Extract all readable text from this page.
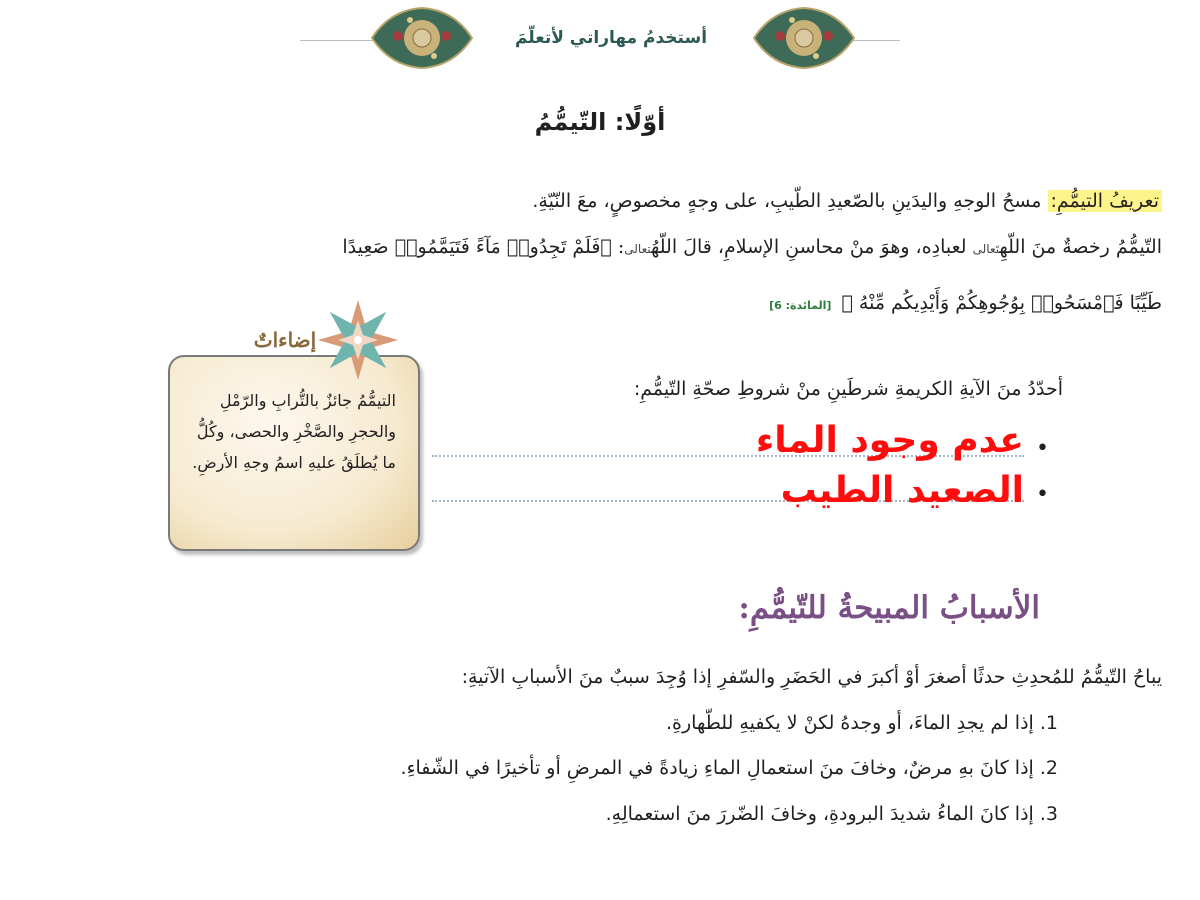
أستخدمُ مهاراتي لأتعلّمَ
أوّلًا: التّيمُّمُ
تعريفُ التيمُّمِ: مسحُ الوجهِ واليدَينِ بالصّعيدِ الطّيبِ، على وجهٍ مخصوصٍ، معَ النّيّةِ.
التّيمُّمُ رخصةٌ منَ اللّهِتَعالى لعبادِه، وهوَ منْ محاسنِ الإسلامِ، قالَ اللّهُتعالى: ﴿فَلَمْ تَجِدُوا۟ مَآءً فَتَيَمَّمُوا۟ صَعِيدًا
طَيِّبًا فَٱمْسَحُوا۟ بِوُجُوهِكُمْ وَأَيْدِيكُم مِّنْهُ ﴾[المائدة: 6]
التيمُّمُ جائزٌ بالتُّرابِ والرّمْلِ والحجرِ والصَّخْرِ والحصى، وكُلُّ ما يُطلَقُ عليهِ اسمُ وجهِ الأرضِ.
إضاءاتٌ
أحدّدُ منَ الآيةِ الكريمةِ شرطَينِ منْ شروطِ صحّةِ التّيمُّمِ:
•
عدم وجود الماء
•
الصعيد الطيب
الأسبابُ المبيحةُ للتّيمُّمِ:
يباحُ التّيمُّمُ للمُحدِثِ حدثًا أصغرَ أوْ أكبرَ في الحَضَرِ والسّفرِ إذا وُجِدَ سببٌ منَ الأسبابِ الآتيةِ:
1. إذا لم يجدِ الماءَ، أو وجدهُ لكنْ لا يكفيهِ للطّهارةِ.
2. إذا كانَ بهِ مرضٌ، وخافَ منَ استعمالِ الماءِ زيادةً في المرضِ أو تأخيرًا في الشّفاءِ.
3. إذا كانَ الماءُ شديدَ البرودةِ، وخافَ الضّررَ منَ استعمالِهِ.
